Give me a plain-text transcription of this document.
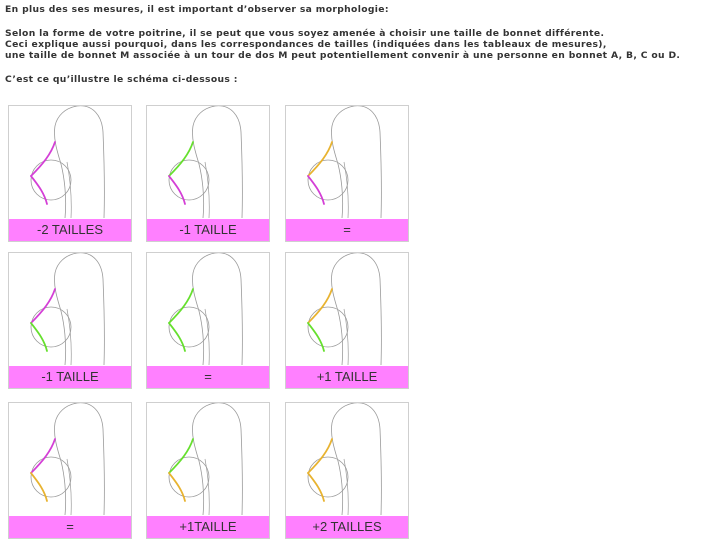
En plus des ses mesures, il est important d’observer sa morphologie:
Selon la forme de votre poitrine, il se peut que vous soyez amenée à choisir une taille de bonnet différente.
Ceci explique aussi pourquoi, dans les correspondances de tailles (indiquées dans les tableaux de mesures),
une taille de bonnet M associée à un tour de dos M peut potentiellement convenir à une personne en bonnet A, B, C ou D.
C’est ce qu’illustre le schéma ci-dessous :
-2 TAILLES	-1 TAILLE	=
-1 TAILLE	=	+1 TAILLE
=	+1TAILLE	+2 TAILLES
